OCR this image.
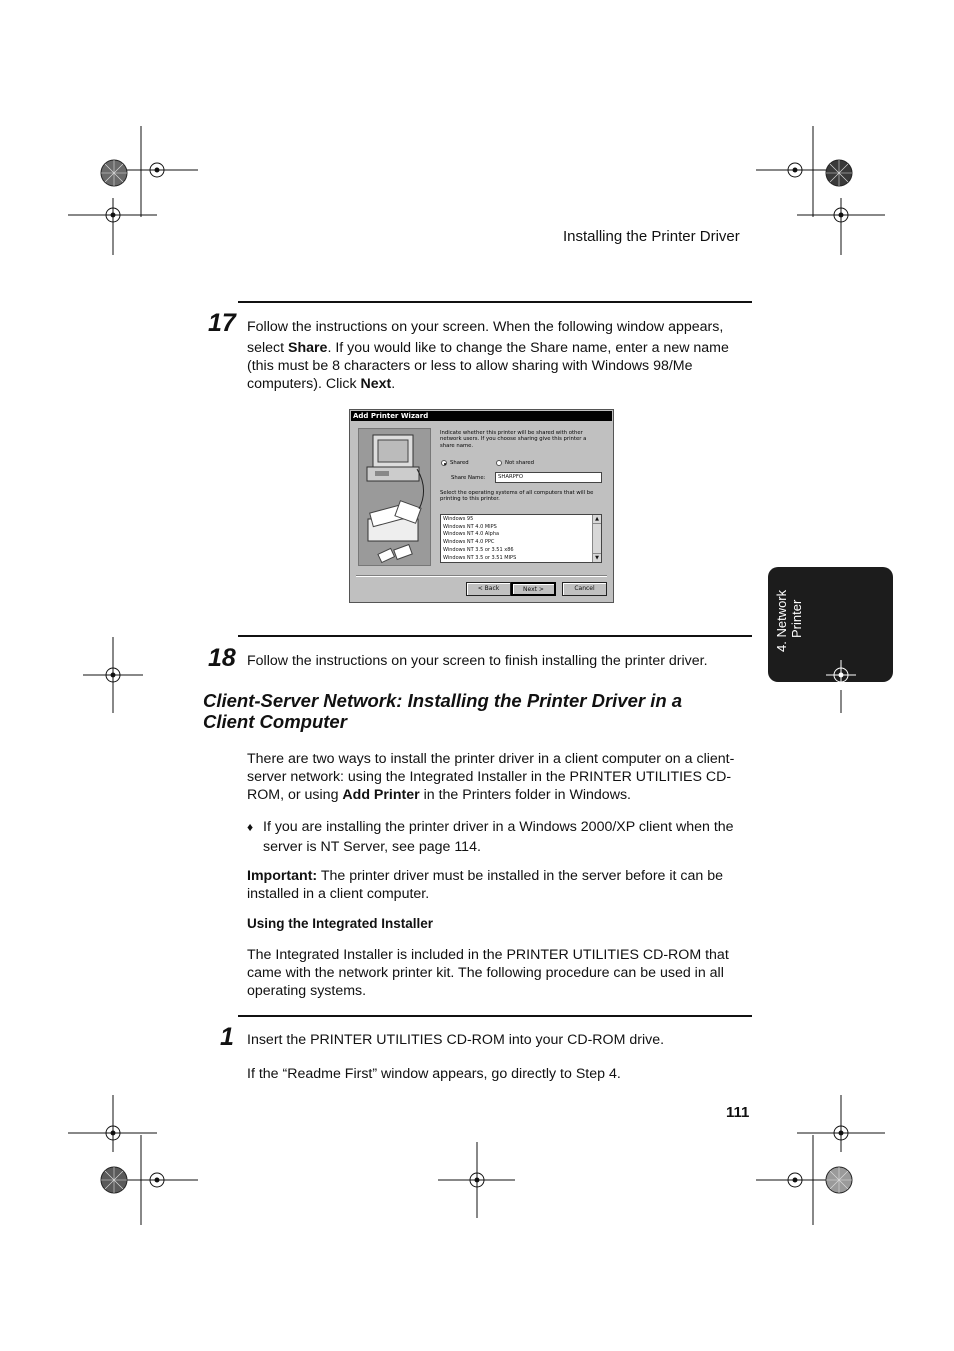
4. Network Printer
Installing the Printer Driver
17 Follow the instructions on your screen. When the following window appears,
select Share. If you would like to change the Share name, enter a new name
(this must be 8 characters or less to allow sharing with Windows 98/Me
computers). Click Next.
Add Printer Wizard
Indicate whether this printer will be shared with other
network users. If you choose sharing give this printer a
share name.
Shared	Not shared
Share Name:	SHARPFO
Select the operating systems of all computers that will be
printing to this printer.
Windows 95
Windows NT 4.0 MIPS
Windows NT 4.0 Alpha
Windows NT 4.0 PPC
Windows NT 3.5 or 3.51 x86
Windows NT 3.5 or 3.51 MIPS
▲
▼
< Back	Next >	Cancel
18 Follow the instructions on your screen to finish installing the printer driver.
Client-Server Network: Installing the Printer Driver in a
Client Computer
There are two ways to install the printer driver in a client computer on a client-
server network: using the Integrated Installer in the PRINTER UTILITIES CD-
ROM, or using Add Printer in the Printers folder in Windows.
♦ If you are installing the printer driver in a Windows 2000/XP client when the
server is NT Server, see page 114.
Important: The printer driver must be installed in the server before it can be
installed in a client computer.
Using the Integrated Installer
The Integrated Installer is included in the PRINTER UTILITIES CD-ROM that
came with the network printer kit. The following procedure can be used in all
operating systems.
1 Insert the PRINTER UTILITIES CD-ROM into your CD-ROM drive.
If the “Readme First” window appears, go directly to Step 4.
111
